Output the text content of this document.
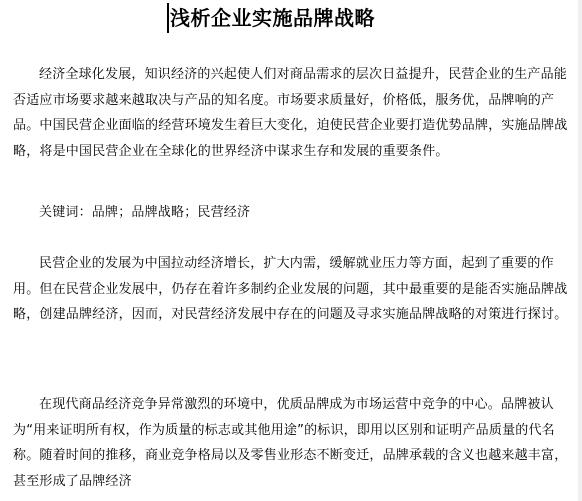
浅析企业实施品牌战略

经济全球化发展，知识经济的兴起使人们对商品需求的层次日益提升，民营企业的生产品能否适应市场要求越来越取决与产品的知名度。市场要求质量好，价格低，服务优，品牌响的产品。中国民营企业面临的经营环境发生着巨大变化，迫使民营企业要打造优势品牌，实施品牌战略，将是中国民营企业在全球化的世界经济中谋求生存和发展的重要条件。

关键词：品牌；品牌战略；民营经济

民营企业的发展为中国拉动经济增长，扩大内需，缓解就业压力等方面，起到了重要的作用。但在民营企业发展中，仍存在着许多制约企业发展的问题，其中最重要的是能否实施品牌战略，创建品牌经济，因而，对民营经济发展中存在的问题及寻求实施品牌战略的对策进行探讨。

在现代商品经济竞争异常激烈的环境中，优质品牌成为市场运营中竞争的中心。品牌被认为“用来证明所有权，作为质量的标志或其他用途”的标识，即用以区别和证明产品质量的代名称。随着时间的推移，商业竞争格局以及零售业形态不断变迁，品牌承载的含义也越来越丰富，甚至形成了品牌经济
